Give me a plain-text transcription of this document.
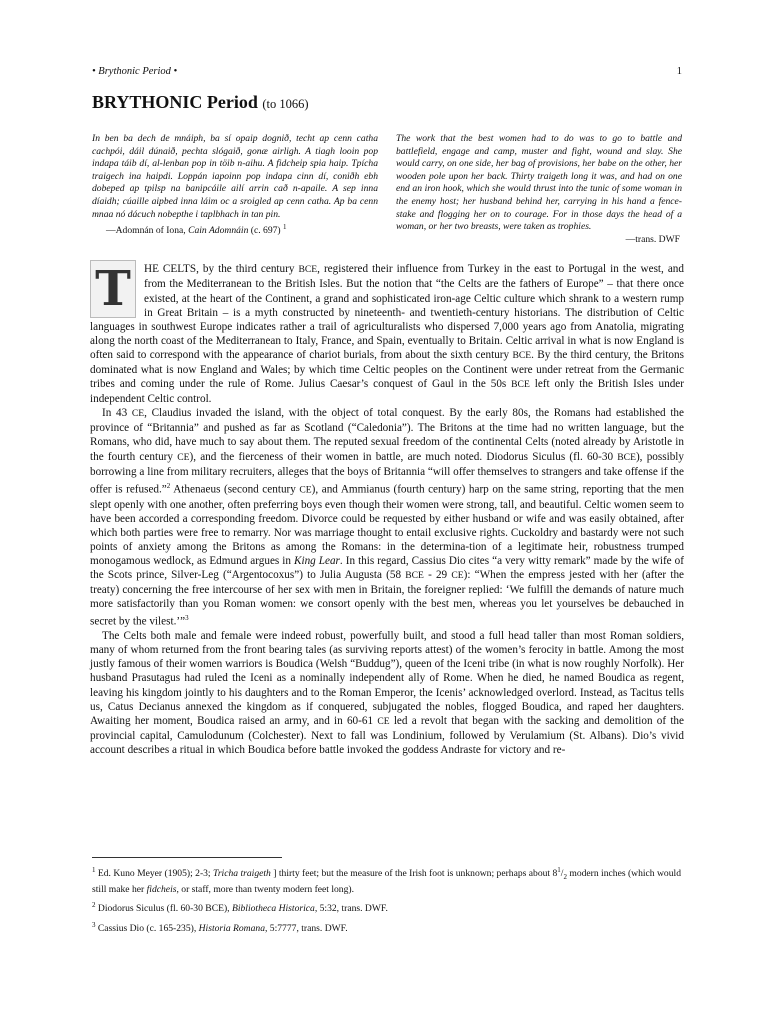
• Brythonic Period •	1
BRYTHONIC Period (to 1066)
In ben ba dech de mnáiph, ba sí opaip dognið, techt ap cenn catha cachpói, dáil dúnaið, pechta slógaið, gonæ airligh. A tiagh looin pop indapa táib dí, al-lenban pop in töib n-aihu. A fidcheip spia haip. Tpícha traigech ina haipdi. Loppán iapoinn pop indapa cinn dí, coniðh ebh dobeped ap tpilsp na banipcáile ailí arrin cað n-apaile. A sep inna díaidh; cúaille aipbed inna láim oc a sroigled ap cenn catha. Ap ba cenn mnaa nó dácuch nobepthe i taplbhach in tan pin.
—Adomnán of Iona, Cain Adomnáin (c. 697) $^1$
The work that the best women had to do was to go to battle and battlefield, engage and camp, muster and fight, wound and slay. She would carry, on one side, her bag of provisions, her babe on the other, her wooden pole upon her back. Thirty traigeth long it was, and had on one end an iron hook, which she would thrust into the tunic of some woman in the enemy host; her husband behind her, carrying in his hand a fence-stake and flogging her on to courage. For in those days the head of a woman, or her two breasts, were taken as trophies.
—trans. DWF

T	HE CELTS, by the third century BCE, registered their influence from Turkey in the east to Portugal in the west, and from the Mediterranean to the British Isles. But the notion that “the Celts are the fathers of Europe” – that there once existed, at the heart of the Continent, a grand and sophisticated iron-age Celtic culture which shrank to a western rump in Great Britain – is a myth constructed by nineteenth- and twentieth-century historians. The distribution of Celtic languages in southwest Europe indicates rather a trail of agriculturalists who dispersed 7,000 years ago from Anatolia, migrating along the north coast of the Mediterranean to Italy, France, and Spain, eventually to Britain. Celtic arrival in what is now England is often said to correspond with the appearance of chariot burials, from about the sixth century BCE. By the third century, the Britons dominated what is now England and Wales; by which time Celtic peoples on the Continent were under retreat from the Germanic tribes and coming under the rule of Rome. Julius Caesar’s conquest of Gaul in the 50s BCE left only the British Isles under independent Celtic control.

In 43 CE, Claudius invaded the island, with the object of total conquest. By the early 80s, the Romans had established the province of “Britannia” and pushed as far as Scotland (“Caledonia”). The Britons at the time had no written language, but the Romans, who did, have much to say about them. The reputed sexual freedom of the continental Celts (noted already by Aristotle in the fourth century CE), and the fierceness of their women in battle, are much noted. Diodorus Siculus (fl. 60-30 BCE), possibly borrowing a line from military recruiters, alleges that the boys of Britannia “will offer themselves to strangers and take offense if the offer is refused.”$^2$ Athenaeus (second century CE), and Ammianus (fourth century) harp on the same string, reporting that the men slept openly with one another, often preferring boys even though their women were strong, tall, and beautiful. Celtic women seem to have been accorded a corresponding freedom. Divorce could be requested by either husband or wife and was easily obtained, after which both parties were free to remarry. Nor was marriage thought to entail exclusive rights. Cuckoldry and bastardy were not such points of anxiety among the Britons as among the Romans: in the determina-tion of a legitimate heir, robustness trumped monogamous wedlock, as Edmund argues in King Lear. In this regard, Cassius Dio cites “a very witty remark” made by the wife of the Scots prince, Silver-Leg (“Argentocoxus”) to Julia Augusta (58 BCE - 29 CE): “When the empress jested with her (after the treaty) concerning the free intercourse of her sex with men in Britain, the foreigner replied: ‘We fulfill the demands of nature much more satisfactorily than you Roman women: we consort openly with the best men, whereas you let yourselves be debauched in secret by the vilest.’”$^3$

The Celts both male and female were indeed robust, powerfully built, and stood a full head taller than most Roman soldiers, many of whom returned from the front bearing tales (as surviving reports attest) of the women’s ferocity in battle. Among the most justly famous of their women warriors is Boudica (Welsh “Buddug”), queen of the Iceni tribe (in what is now roughly Norfolk). Her husband Prasutagus had ruled the Iceni as a nominally independent ally of Rome. When he died, he named Boudica as regent, leaving his kingdom jointly to his daughters and to the Roman Emperor, the Icenis’ acknowledged overlord. Instead, as Tacitus tells us, Catus Decianus annexed the kingdom as if conquered, subjugated the nobles, flogged Boudica, and raped her daughters. Awaiting her moment, Boudica raised an army, and in 60-61 CE led a revolt that began with the sacking and demolition of the provincial capital, Camulodunum (Colchester). Next to fall was Londinium, followed by Verulamium (St. Albans). Dio’s vivid account describes a ritual in which Boudica before battle invoked the goddess Andraste for victory and re-

$^1$ Ed. Kuno Meyer (1905); 2-3; Tricha traigeth ] thirty feet; but the measure of the Irish foot is unknown; perhaps about $8^1/_2$ modern inches (which would still make her fidcheis, or staff, more than twenty modern feet long).

$^2$ Diodorus Siculus (fl. 60-30 BCE), Bibliotheca Historica, 5:32, trans. DWF.

$^3$ Cassius Dio (c. 165-235), Historia Romana, 5:7777, trans. DWF.
